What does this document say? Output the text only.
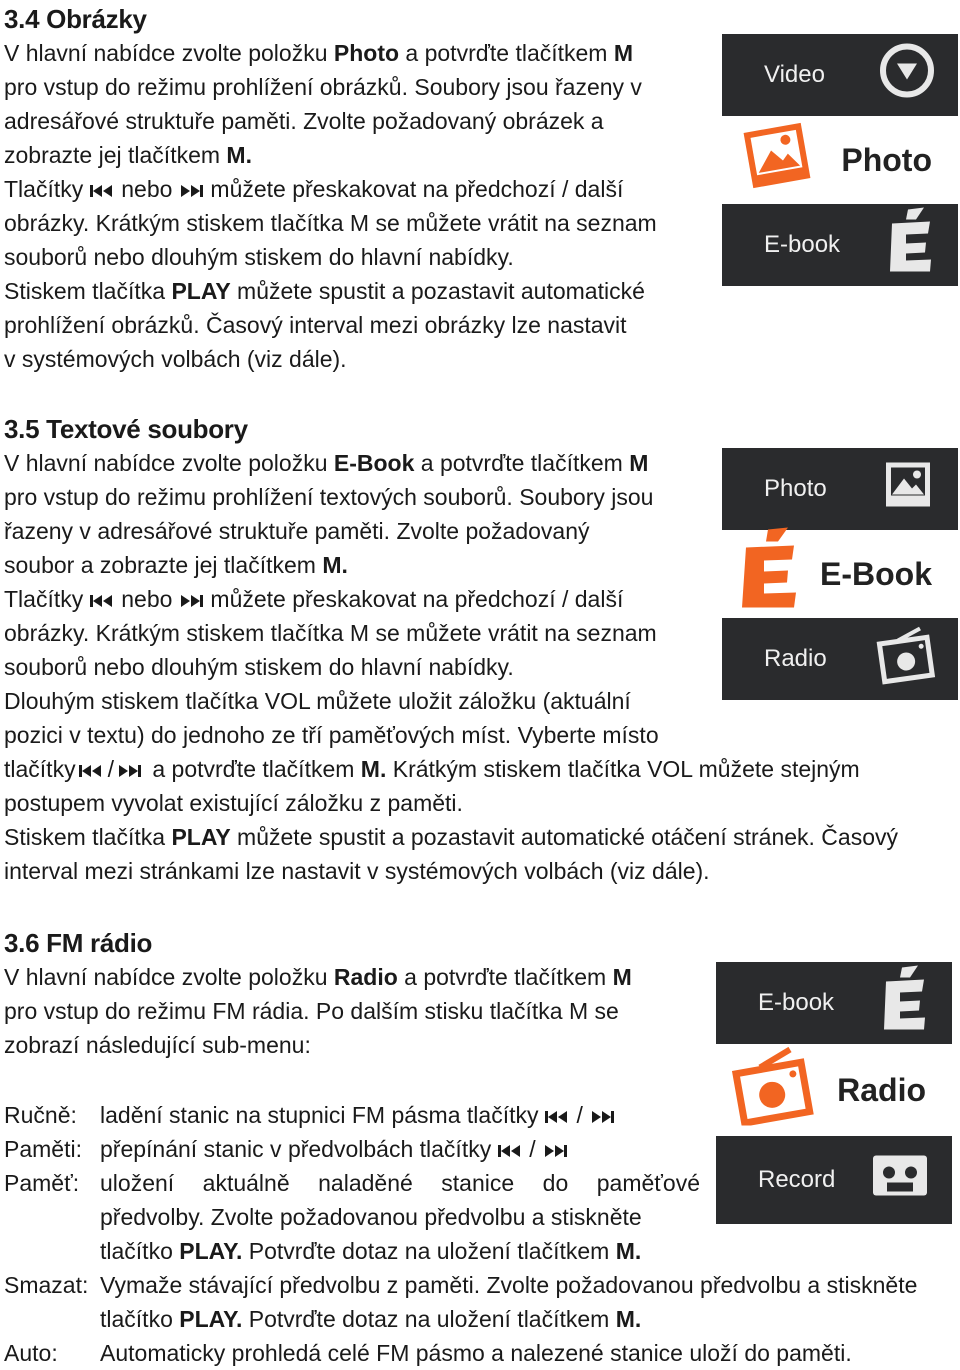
3.4 Obrázky

V hlavní nabídce zvolte položku Photo a potvrďte tlačítkem M

pro vstup do režimu prohlížení obrázků. Soubory jsou řazeny v

adresářové struktuře paměti. Zvolte požadovaný obrázek a

zobrazte jej tlačítkem M.

Tlačítky nebo můžete přeskakovat na předchozí / další

obrázky. Krátkým stiskem tlačítka M se můžete vrátit na seznam

souborů nebo dlouhým stiskem do hlavní nabídky.

Stiskem tlačítka PLAY můžete spustit a pozastavit automatické

prohlížení obrázků. Časový interval mezi obrázky lze nastavit

v systémových volbách (viz dále).

Video
Photo
E-book
3.5 Textové soubory

V hlavní nabídce zvolte položku E-Book a potvrďte tlačítkem M

pro vstup do režimu prohlížení textových souborů. Soubory jsou

řazeny v adresářové struktuře paměti. Zvolte požadovaný

soubor a zobrazte jej tlačítkem M.

Tlačítky nebo můžete přeskakovat na předchozí / další

obrázky. Krátkým stiskem tlačítka M se můžete vrátit na seznam

souborů nebo dlouhým stiskem do hlavní nabídky.

Dlouhým stiskem tlačítka VOL můžete uložit záložku (aktuální

pozici v textu) do jednoho ze tří paměťových míst. Vyberte místo

tlačítky /
a potvrďte tlačítkem M. Krátkým stiskem tlačítka VOL můžete stejným

postupem vyvolat existující záložku z paměti.

Stiskem tlačítka PLAY můžete spustit a pozastavit automatické otáčení stránek. Časový

interval mezi stránkami lze nastavit v systémových volbách (viz dále).

Photo
E-Book
Radio
3.6 FM rádio

V hlavní nabídce zvolte položku Radio a potvrďte tlačítkem M

pro vstup do režimu FM rádia. Po dalším stisku tlačítka M se

zobrazí následující sub-menu:

E-book
Radio
Record
Ručně: ladění stanic na stupnici FM pásma tlačítky /
Paměti: přepínání stanic v předvolbách tlačítky /
Paměť: uložení aktuálně naladěné stanice do paměťové
předvolby. Zvolte požadovanou předvolbu a stiskněte
tlačítko PLAY. Potvrďte dotaz na uložení tlačítkem M.
Smazat: Vymaže stávající předvolbu z paměti. Zvolte požadovanou předvolbu a stiskněte
tlačítko PLAY. Potvrďte dotaz na uložení tlačítkem M.
Auto: Automaticky prohledá celé FM pásmo a nalezené stanice uloží do paměti.
